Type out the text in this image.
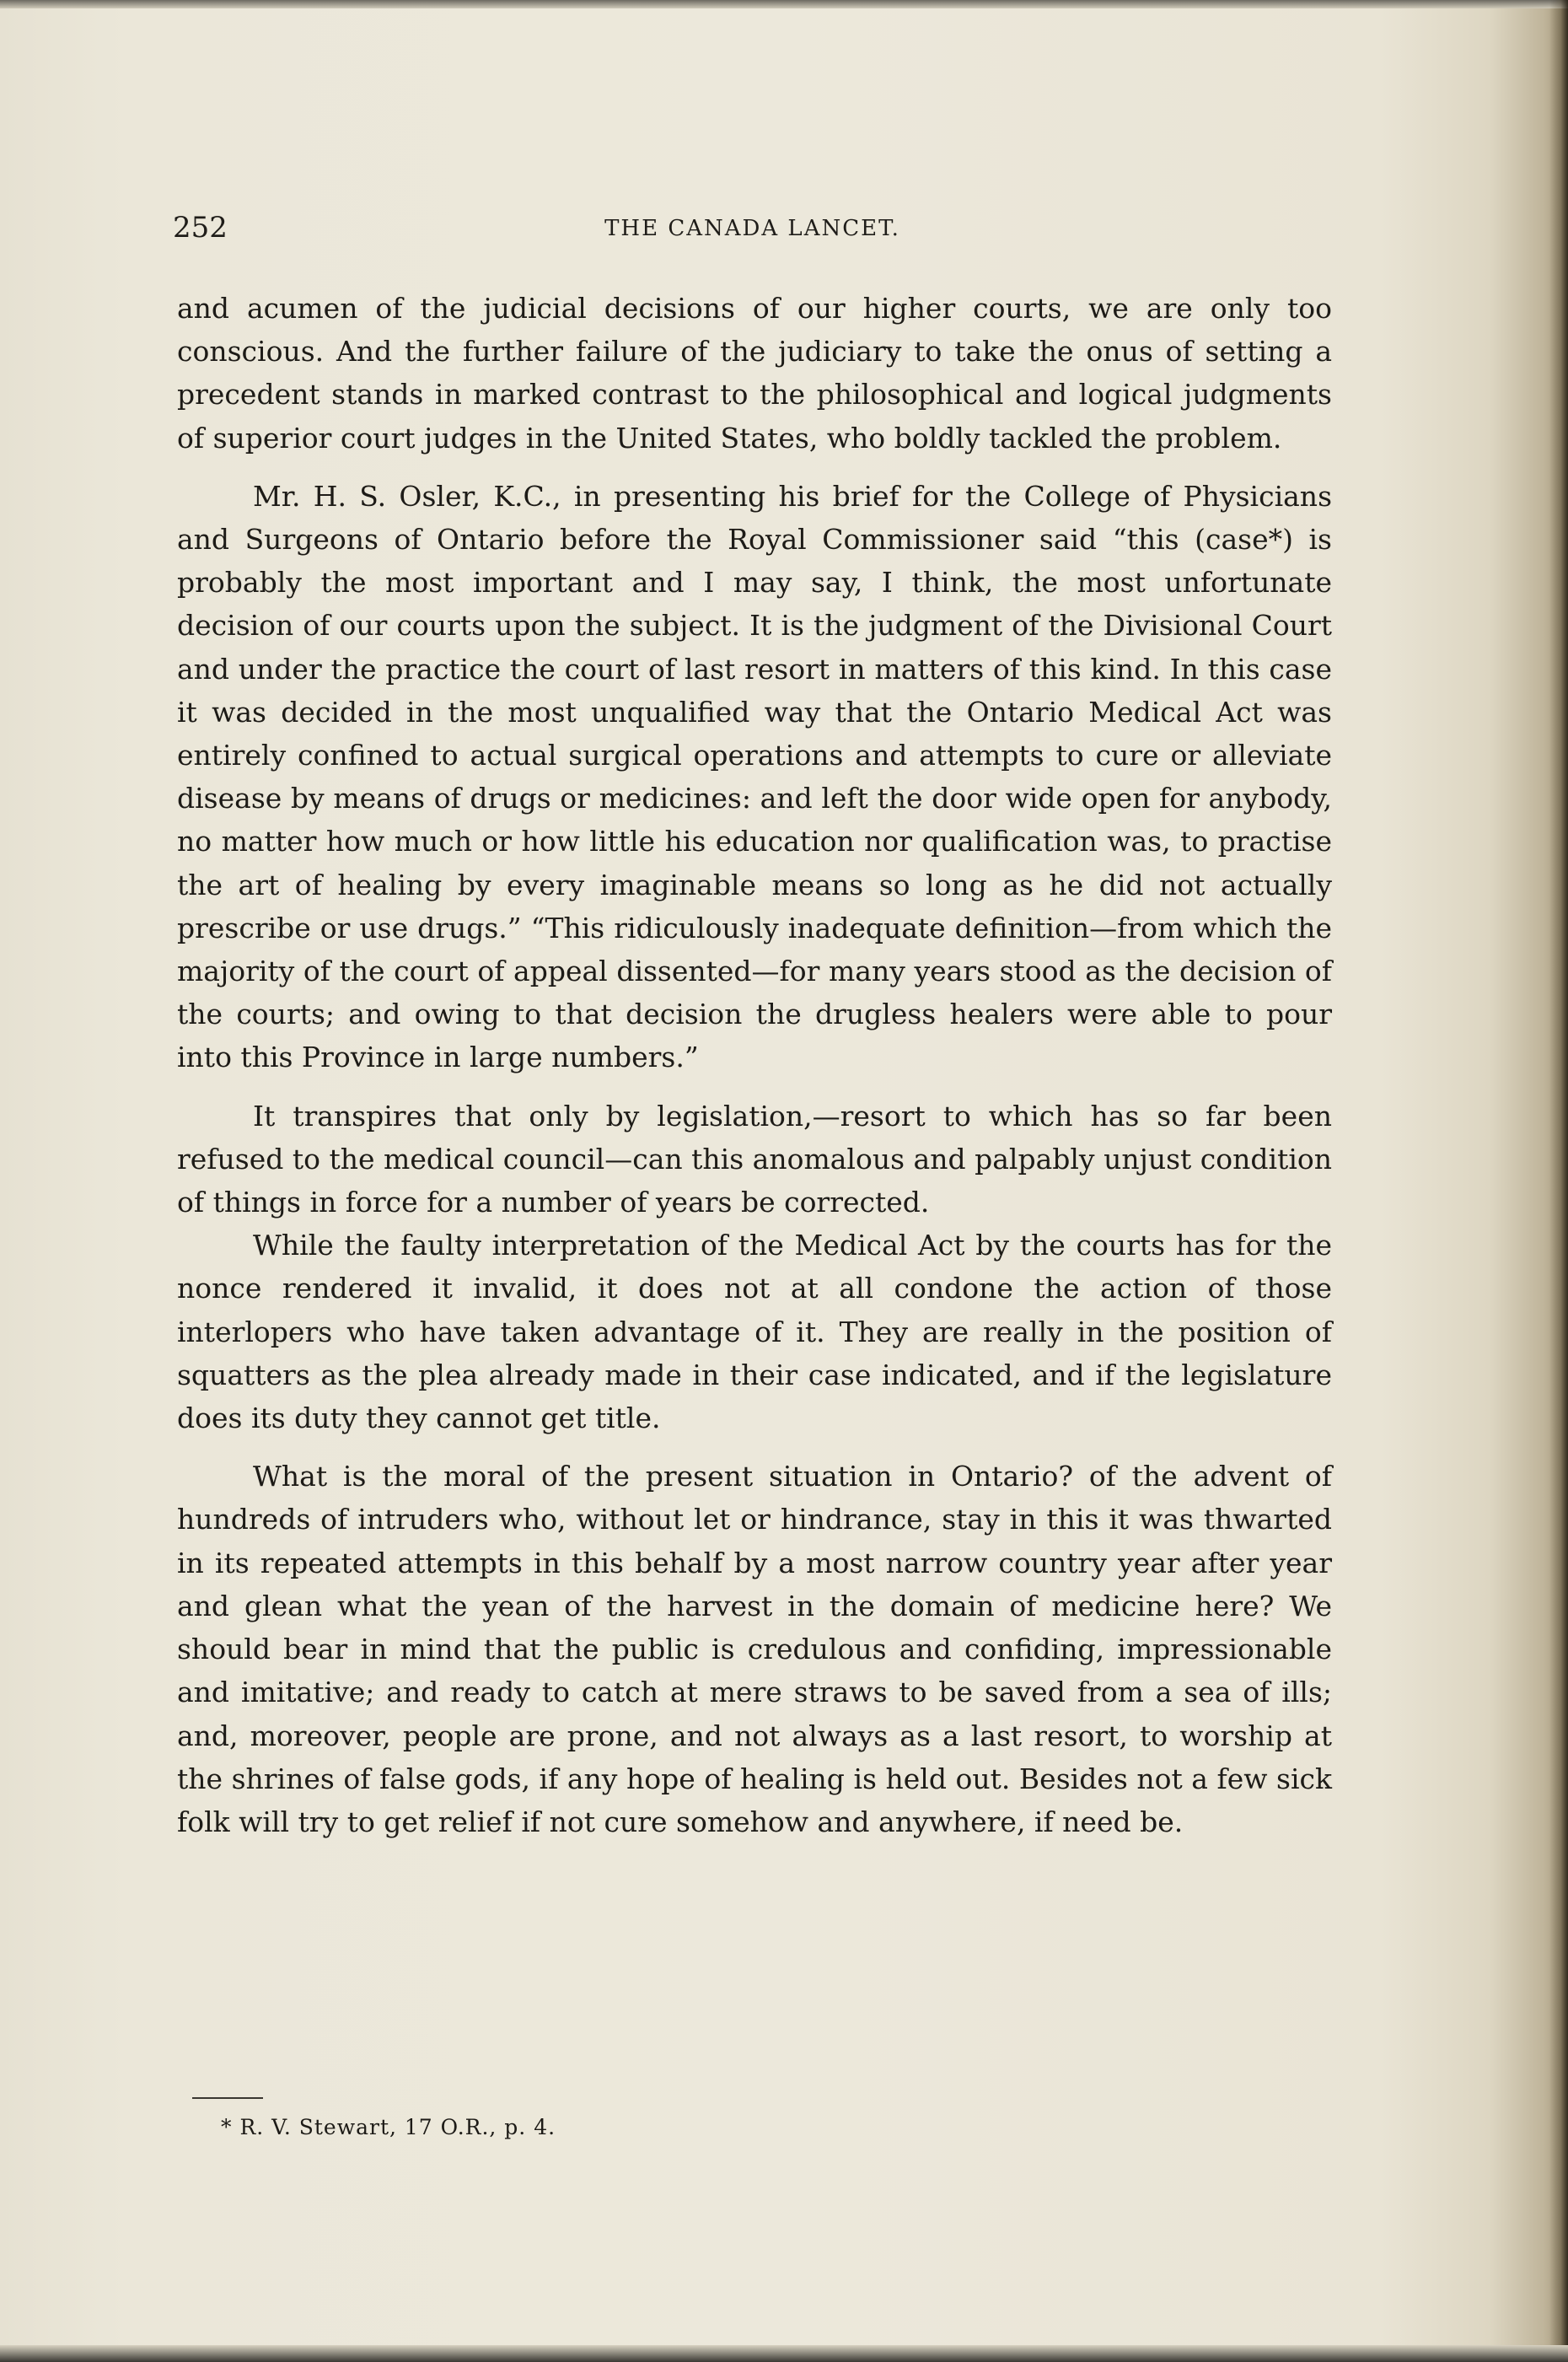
252	THE CANADA LANCET.

and acumen of the judicial decisions of our higher courts, we are only too conscious. And the further failure of the judiciary to take the onus of setting a precedent stands in marked contrast to the philosophical and logical judgments of superior court judges in the United States, who boldly tackled the problem.

Mr. H. S. Osler, K.C., in presenting his brief for the College of Physicians and Surgeons of Ontario before the Royal Commissioner said “this (case*) is probably the most important and I may say, I think, the most unfortunate decision of our courts upon the subject. It is the judgment of the Divisional Court and under the practice the court of last resort in matters of this kind. In this case it was decided in the most unqualified way that the Ontario Medical Act was entirely confined to actual surgical operations and attempts to cure or alleviate disease by means of drugs or medicines: and left the door wide open for anybody, no matter how much or how little his education nor qualification was, to practise the art of healing by every imaginable means so long as he did not actually prescribe or use drugs.” “This ridiculously inadequate definition—from which the majority of the court of appeal dissented—for many years stood as the decision of the courts; and owing to that decision the drugless healers were able to pour into this Province in large numbers.”

It transpires that only by legislation,—resort to which has so far been refused to the medical council—can this anomalous and palpably unjust condition of things in force for a number of years be corrected.

While the faulty interpretation of the Medical Act by the courts has for the nonce rendered it invalid, it does not at all condone the action of those interlopers who have taken advantage of it. They are really in the position of squatters as the plea already made in their case indicated, and if the legislature does its duty they cannot get title.

What is the moral of the present situation in Ontario? of the advent of hundreds of intruders who, without let or hindrance, stay in this it was thwarted in its repeated attempts in this behalf by a most narrow country year after year and glean what the yean of the harvest in the domain of medicine here? We should bear in mind that the public is credulous and confiding, impressionable and imitative; and ready to catch at mere straws to be saved from a sea of ills; and, moreover, people are prone, and not always as a last resort, to worship at the shrines of false gods, if any hope of healing is held out. Besides not a few sick folk will try to get relief if not cure somehow and anywhere, if need be.

* R. V. Stewart, 17 O.R., p. 4.
